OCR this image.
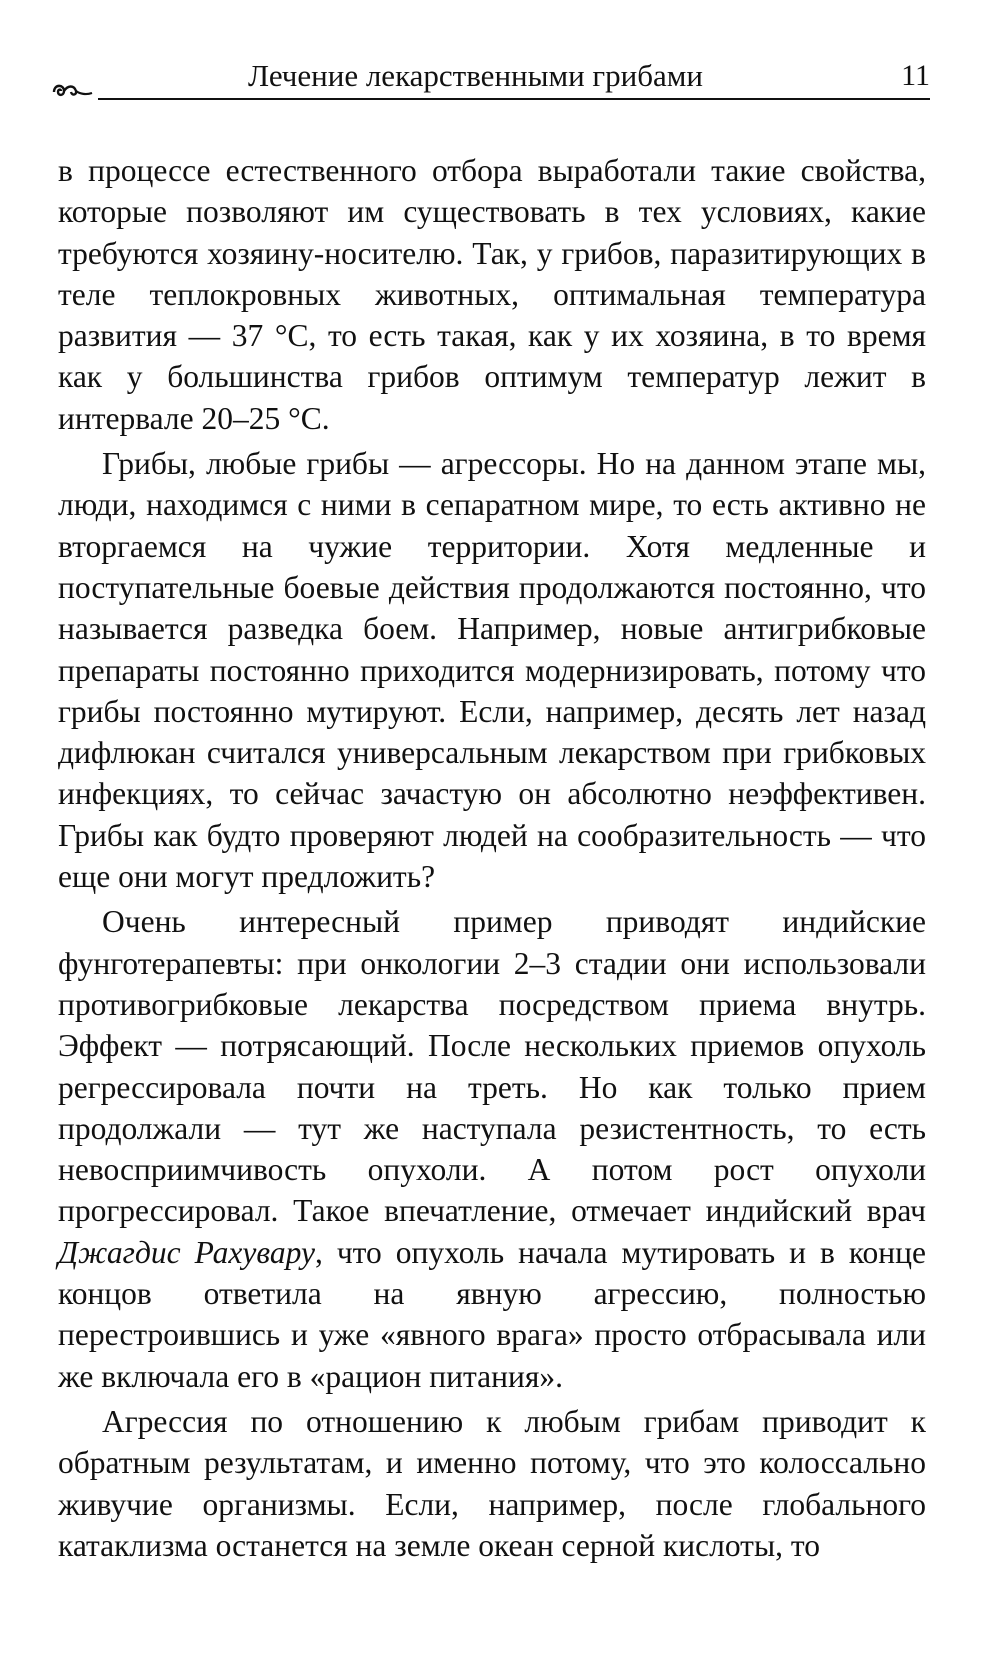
Лечение лекарственными грибами	11

в процессе естественного отбора выработали такие свойства, которые позволяют им существовать в тех условиях, какие требуются хозяину-носителю. Так, у грибов, паразитирующих в теле теплокровных животных, оптимальная температура развития — 37 °С, то есть такая, как у их хозяина, в то время как у большинства грибов оптимум температур лежит в интервале 20–25 °С.

Грибы, любые грибы — агрессоры. Но на данном этапе мы, люди, находимся с ними в сепаратном мире, то есть активно не вторгаемся на чужие территории. Хотя медленные и поступательные боевые действия продолжаются постоянно, что называется разведка боем. Например, новые антигрибковые препараты постоянно приходится модернизировать, потому что грибы постоянно мутируют. Если, например, десять лет назад дифлюкан считался универсальным лекарством при грибковых инфекциях, то сейчас зачастую он абсолютно неэффективен. Грибы как будто проверяют людей на сообразительность — что еще они могут предложить?

Очень интересный пример приводят индийские фунготерапевты: при онкологии 2–3 стадии они использовали противогрибковые лекарства посредством приема внутрь. Эффект — потрясающий. После нескольких приемов опухоль регрессировала почти на треть. Но как только прием продолжали — тут же наступала резистентность, то есть невосприимчивость опухоли. А потом рост опухоли прогрессировал. Такое впечатление, отмечает индийский врач Джагдис Рахувару, что опухоль начала мутировать и в конце концов ответила на явную агрессию, полностью перестроившись и уже «явного врага» просто отбрасывала или же включала его в «рацион питания».

Агрессия по отношению к любым грибам приводит к обратным результатам, и именно потому, что это колоссально живучие организмы. Если, например, после глобального катаклизма останется на земле океан серной кислоты, то
